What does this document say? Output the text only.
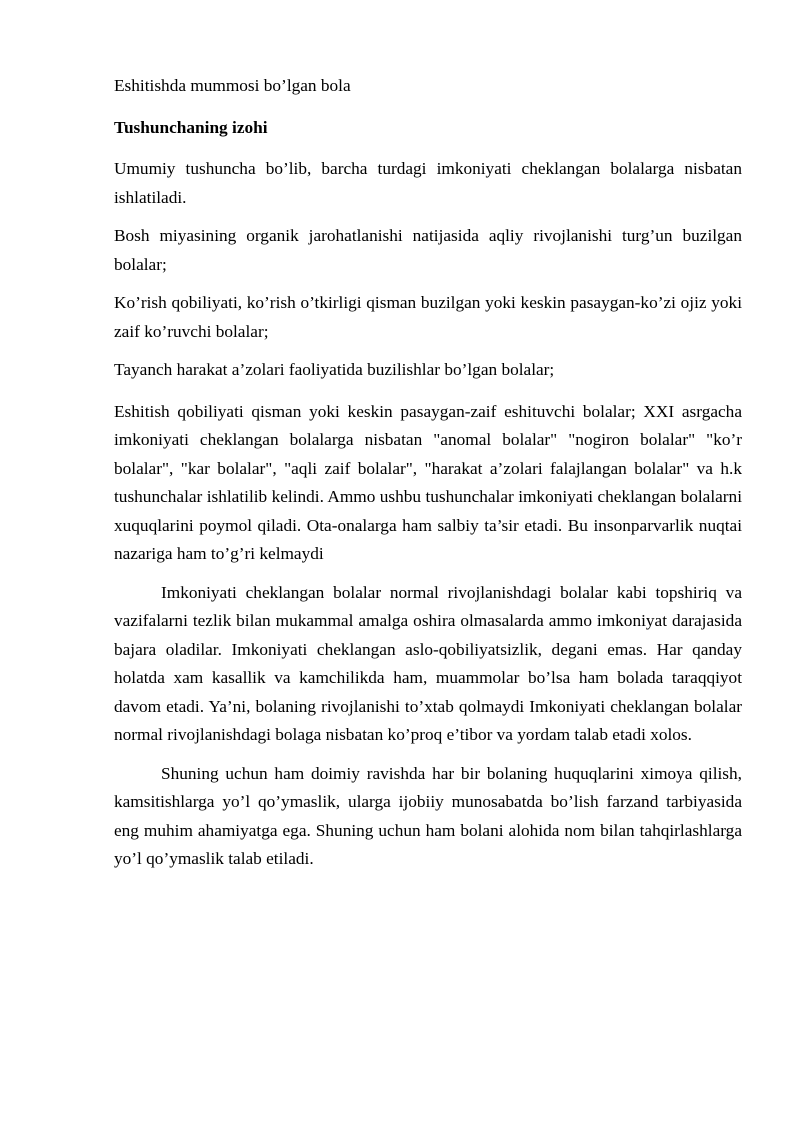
Eshitishda mummosi bo’lgan bola

Tushunchaning izohi

Umumiy tushuncha bo’lib, barcha turdagi imkoniyati cheklangan bolalarga nisbatan ishlatiladi.

Bosh miyasining organik jarohatlanishi natijasida aqliy rivojlanishi turg’un buzilgan bolalar;

Ko’rish qobiliyati, ko’rish o’tkirligi qisman buzilgan yoki keskin pasaygan-ko’zi ojiz yoki zaif ko’ruvchi bolalar;

Tayanch harakat a’zolari faoliyatida buzilishlar bo’lgan bolalar;

Eshitish qobiliyati qisman yoki keskin pasaygan-zaif eshituvchi bolalar; XXI asrgacha imkoniyati cheklangan bolalarga nisbatan "anomal bolalar" "nogiron bolalar" "ko’r bolalar", "kar bolalar", "aqli zaif bolalar", "harakat a’zolari falajlangan bolalar" va h.k tushunchalar ishlatilib kelindi. Ammo ushbu tushunchalar imkoniyati cheklangan bolalarni xuquqlarini poymol qiladi. Ota-onalarga ham salbiy ta’sir etadi. Bu insonparvarlik nuqtai nazariga ham to’g’ri kelmaydi

Imkoniyati cheklangan bolalar normal rivojlanishdagi bolalar kabi topshiriq va vazifalarni tezlik bilan mukammal amalga oshira olmasalarda ammo imkoniyat darajasida bajara oladilar. Imkoniyati cheklangan aslo-qobiliyatsizlik, degani emas. Har qanday holatda xam kasallik va kamchilikda ham, muammolar bo’lsa ham bolada taraqqiyot davom etadi. Ya’ni, bolaning rivojlanishi to’xtab qolmaydi Imkoniyati cheklangan bolalar normal rivojlanishdagi bolaga nisbatan ko’proq e’tibor va yordam talab etadi xolos.

Shuning uchun ham doimiy ravishda har bir bolaning huquqlarini ximoya qilish, kamsitishlarga yo’l qo’ymaslik, ularga ijobiiy munosabatda bo’lish farzand tarbiyasida eng muhim ahamiyatga ega. Shuning uchun ham bolani alohida nom bilan tahqirlashlarga yo’l qo’ymaslik talab etiladi.
